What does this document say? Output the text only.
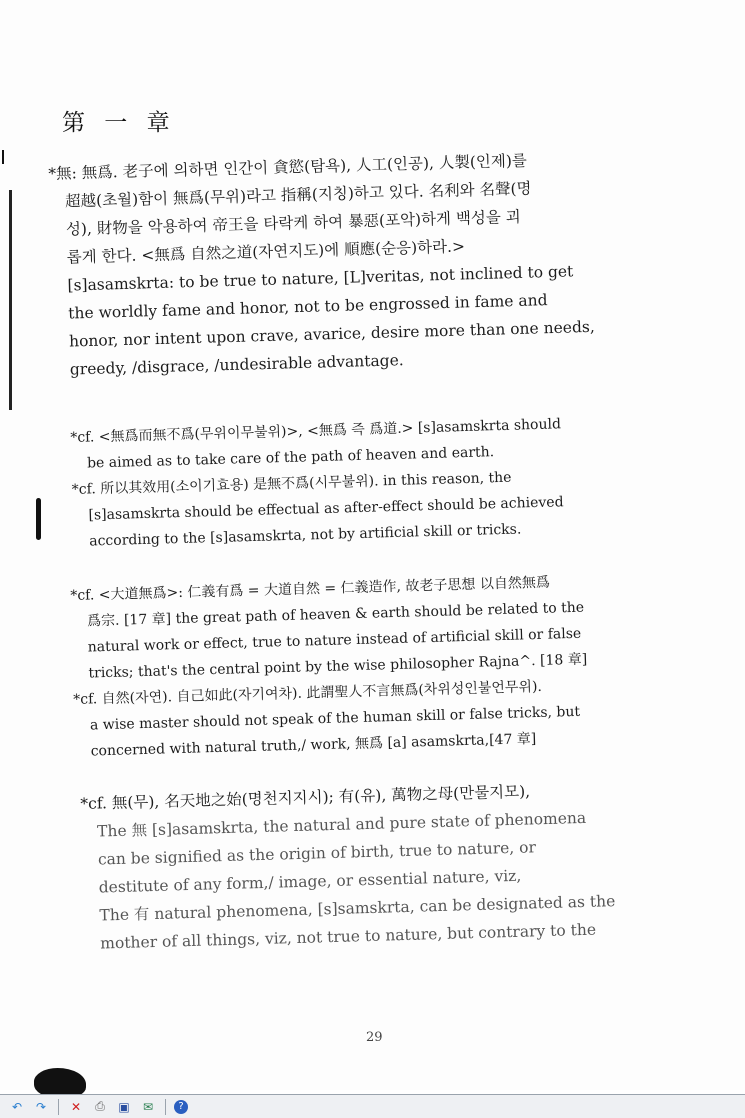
第 一 章
*無: 無爲. 老子에 의하면 인간이 貪慾(탐욕), 人工(인공), 人製(인제)를
超越(초월)함이 無爲(무위)라고 指稱(지칭)하고 있다. 名利와 名聲(명
성), 財物을 악용하여 帝王을 타락케 하여 暴惡(포악)하게 백성을 괴
롭게 한다. <無爲 自然之道(자연지도)에 順應(순응)하라.>
[s]asamskrta: to be true to nature, [L]veritas, not inclined to get
the worldly fame and honor, not to be engrossed in fame and
honor, nor intent upon crave, avarice, desire more than one needs,
greedy, /disgrace, /undesirable advantage.
*cf. <無爲而無不爲(무위이무불위)>, <無爲 즉 爲道.> [s]asamskrta should
be aimed as to take care of the path of heaven and earth.
*cf. 所以其效用(소이기효용) 是無不爲(시무불위). in this reason, the
[s]asamskrta should be effectual as after-effect should be achieved
according to the [s]asamskrta, not by artificial skill or tricks.
*cf. <大道無爲>: 仁義有爲 = 大道自然 = 仁義造作, 故老子思想 以自然無爲
爲宗. [17 章] the great path of heaven & earth should be related to the
natural work or effect, true to nature instead of artificial skill or false
tricks; that's the central point by the wise philosopher Rajna^. [18 章]
*cf. 自然(자연). 自己如此(자기여차). 此謂聖人不言無爲(차위성인불언무위).
a wise master should not speak of the human skill or false tricks, but
concerned with natural truth,/ work, 無爲 [a] asamskrta,[47 章]
*cf. 無(무), 名天地之始(명천지지시); 有(유), 萬物之母(만물지모),
The 無 [s]asamskrta, the natural and pure state of phenomena
can be signified as the origin of birth, true to nature, or
destitute of any form,/ image, or essential nature, viz,
The 有 natural phenomena, [s]samskrta, can be designated as the
mother of all things, viz, not true to nature, but contrary to the
29
↶	↷	✕	⎙	▣	✉	?
